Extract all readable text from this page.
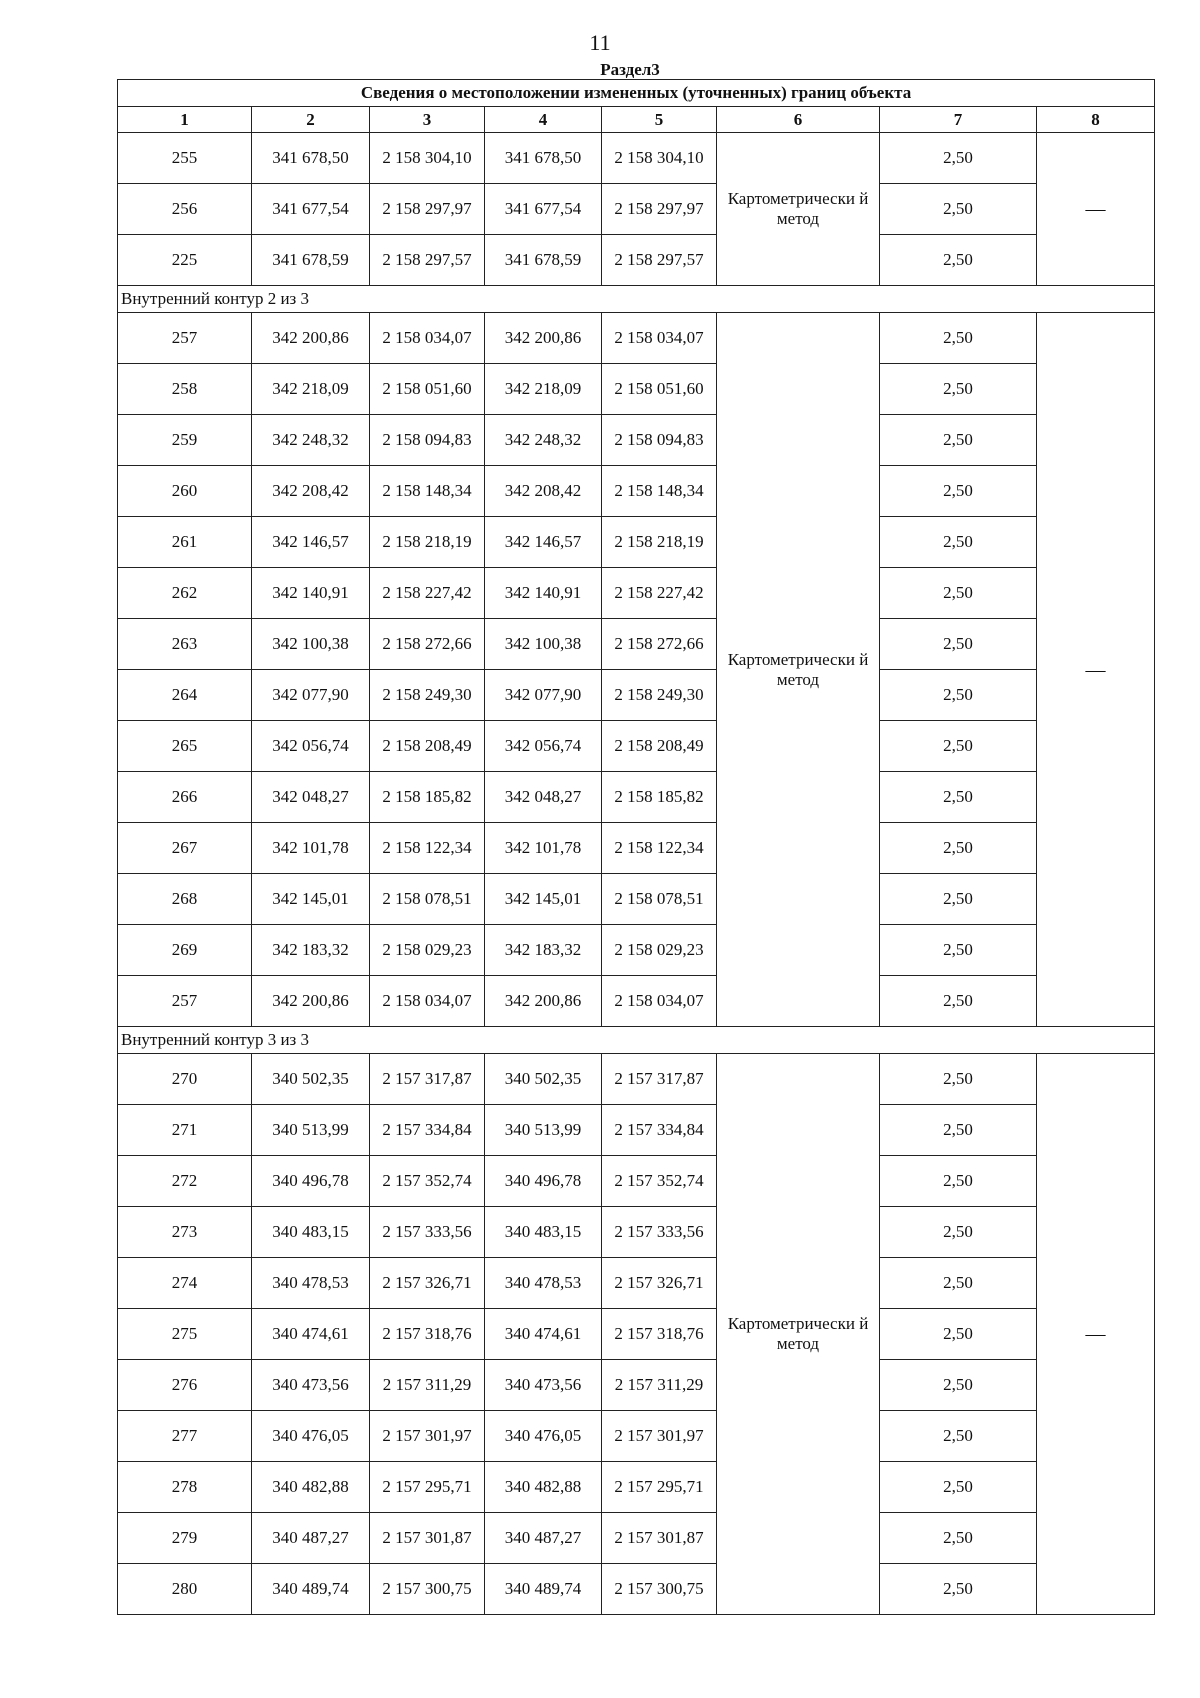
11
Раздел3
Сведения о местоположении измененных (уточненных) границ объекта							
1	2	3	4	5	6	7	8
255	341 678,50	2 158 304,10	341 678,50	2 158 304,10	Картометрически й метод	2,50	—
256	341 677,54	2 158 297,97	341 677,54	2 158 297,97		2,50	
225	341 678,59	2 158 297,57	341 678,59	2 158 297,57		2,50	
Внутренний контур 2 из 3							
257	342 200,86	2 158 034,07	342 200,86	2 158 034,07	Картометрически й метод	2,50	—
258	342 218,09	2 158 051,60	342 218,09	2 158 051,60		2,50	
259	342 248,32	2 158 094,83	342 248,32	2 158 094,83		2,50	
260	342 208,42	2 158 148,34	342 208,42	2 158 148,34		2,50	
261	342 146,57	2 158 218,19	342 146,57	2 158 218,19		2,50	
262	342 140,91	2 158 227,42	342 140,91	2 158 227,42		2,50	
263	342 100,38	2 158 272,66	342 100,38	2 158 272,66		2,50	
264	342 077,90	2 158 249,30	342 077,90	2 158 249,30		2,50	
265	342 056,74	2 158 208,49	342 056,74	2 158 208,49		2,50	
266	342 048,27	2 158 185,82	342 048,27	2 158 185,82		2,50	
267	342 101,78	2 158 122,34	342 101,78	2 158 122,34		2,50	
268	342 145,01	2 158 078,51	342 145,01	2 158 078,51		2,50	
269	342 183,32	2 158 029,23	342 183,32	2 158 029,23		2,50	
257	342 200,86	2 158 034,07	342 200,86	2 158 034,07		2,50	
Внутренний контур 3 из 3							
270	340 502,35	2 157 317,87	340 502,35	2 157 317,87	Картометрически й метод	2,50	—
271	340 513,99	2 157 334,84	340 513,99	2 157 334,84		2,50	
272	340 496,78	2 157 352,74	340 496,78	2 157 352,74		2,50	
273	340 483,15	2 157 333,56	340 483,15	2 157 333,56		2,50	
274	340 478,53	2 157 326,71	340 478,53	2 157 326,71		2,50	
275	340 474,61	2 157 318,76	340 474,61	2 157 318,76		2,50	
276	340 473,56	2 157 311,29	340 473,56	2 157 311,29		2,50	
277	340 476,05	2 157 301,97	340 476,05	2 157 301,97		2,50	
278	340 482,88	2 157 295,71	340 482,88	2 157 295,71		2,50	
279	340 487,27	2 157 301,87	340 487,27	2 157 301,87		2,50	
280	340 489,74	2 157 300,75	340 489,74	2 157 300,75		2,50	
